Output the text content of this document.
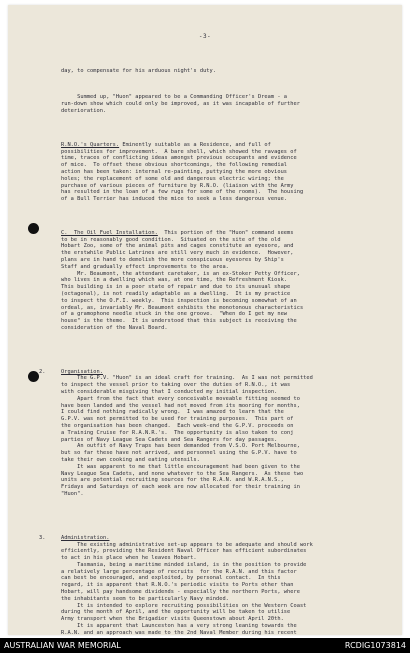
-3-

day, to compensate for his arduous night's duty.

Summed up, "Huon" appeared to be a Commanding Officer's Dream - a
run-down show which could only be improved, as it was incapable of further
deterioration.

R.N.O.'s Quarters. Eminently suitable as a Residence, and full of
possibilities for improvement.  A bare shell, which showed the ravages of
time, traces of conflicting ideas amongst previous occupants and evidence
of mice.  To offset these obvious shortcomings, the following remedial
action has been taken: internal re-painting, puttying the more obvious
holes; the replacement of some old and dangerous electric wiring; the
purchase of various pieces of furniture by R.N.O. (liaison with the Army
has resulted in the loan of a few rugs for some of the rooms).  The housing
of a Bull Terrier has induced the mice to seek a less dangerous venue.

C.  The Oil Fuel Installation.  This portion of the "Huon" command seems
to be in reasonably good condition.  Situated on the site of the old
Hobart Zoo, some of the animal pits and cages constitute an eyesore, and
the erstwhile Public Latrines are still very much in evidence.  However,
plans are in hand to demolish the more conspicuous eyesores by Ship's
Staff and gradually effect improvements to the area.
Mr. Beaumont, the attendant caretaker, is an ex-Stoker Petty Officer,
who lives in a dwelling which was, at one time, the Refreshment Kiosk.
This building is in a poor state of repair and due to its unusual shape
(octagonal), is not readily adaptable as a dwelling.  It is my practice
to inspect the O.F.I. weekly.  This inspection is becoming somewhat of an
ordeal, as, invariably Mr. Beaumont exhibits the monotonous characteristics
of a gramophone needle stuck in the one groove.  "When do I get my new
house" is the theme.  It is understood that this subject is receiving the
consideration of the Naval Board.

2.	Organisation.
The G.P.V. "Huon" is an ideal craft for training.  As I was not permitted
to inspect the vessel prior to taking over the duties of R.N.O., it was
with considerable misgiving that I conducted my initial inspection.
Apart from the fact that every conceivable moveable fitting seemed to
have been landed and the vessel had not moved from its mooring for months,
I could find nothing radically wrong.  I was amazed to learn that the
G.P.V. was not permitted to be used for training purposes.  This part of
the organisation has been changed.  Each week-end the G.P.V. proceeds on
a Training Cruise for R.A.N.R.'s.  The opportunity is also taken to conj
parties of Navy League Sea Cadets and Sea Rangers for day passages.
An outfit of Navy Traps has been demanded from V.S.O. Port Melbourne,
but so far these have not arrived, and personnel using the G.P.V. have to
take their own cooking and eating utensils.
It was apparent to me that little encouragement had been given to the
Navy League Sea Cadets, and none whatever to the Sea Rangers.  As these two
units are potential recruiting sources for the R.A.N. and W.R.A.N.S.,
Fridays and Saturdays of each week are now allocated for their training in
"Huon".

3.	Administration.
The existing administrative set-up appears to be adequate and should work
efficiently, providing the Resident Naval Officer has efficient subordinates
to act in his place when he leaves Hobart.
Tasmania, being a maritime minded island, is in the position to provide
a relatively large percentage of recruits  for the R.A.N. and this factor
can best be encouraged, and exploited, by personal contact.  In this
regard, it is apparent that R.N.O.'s periodic visits to Ports other than
Hobart, will pay handsome dividends - especially the northern Ports, where
the inhabitants seem to be particularly Navy minded.
It is intended to explore recruiting possibilities on the Western Coast
during the month of April, and the opportunity will be taken to utilise
Army transport when the Brigadier visits Queenstown about April 20th.
It is apparent that Launceston has a very strong leaning towards the
R.A.N. and an approach was made to the 2nd Naval Member during his recent

AUSTRALIAN WAR MEMORIAL	RCDIG1073814
